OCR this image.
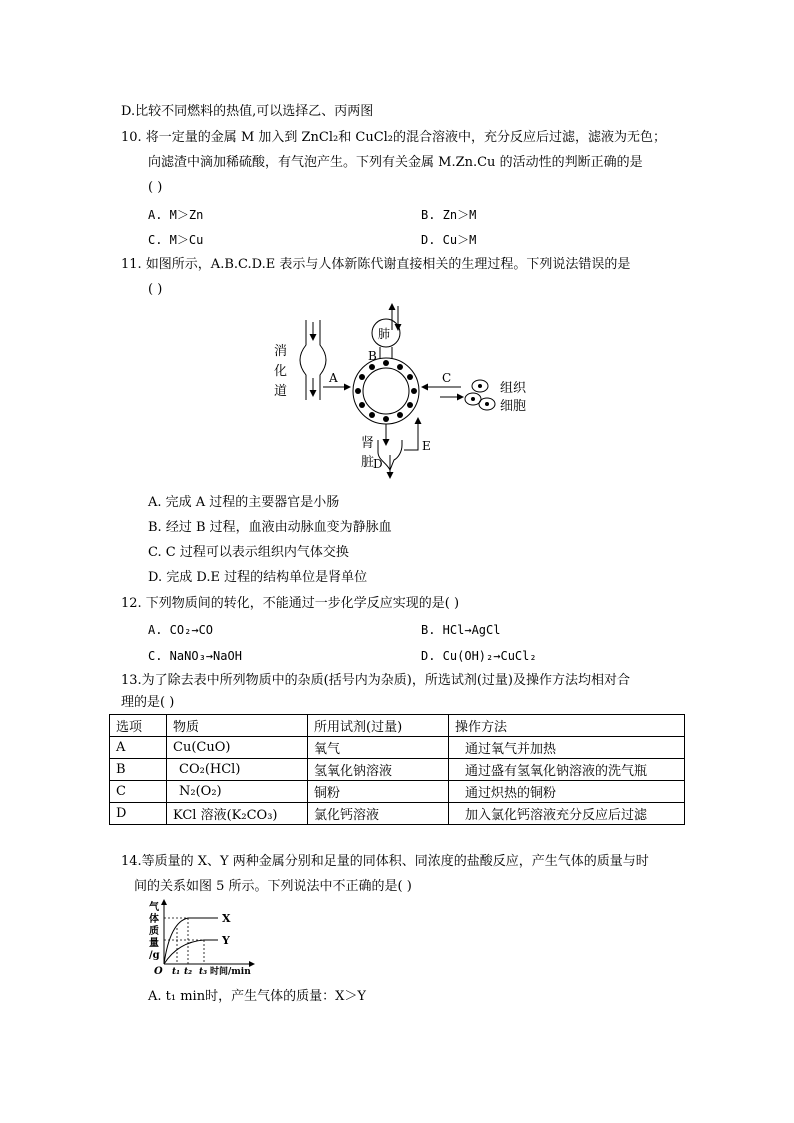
D.比较不同燃料的热值,可以选择乙、丙两图
10. 将一定量的金属 M 加入到 ZnCl₂和 CuCl₂的混合溶液中，充分反应后过滤，滤液为无色；
向滤渣中滴加稀硫酸，有气泡产生。下列有关金属 M.Zn.Cu 的活动性的判断正确的是
( )
A. M＞Zn	B. Zn＞M
C. M＞Cu	D. Cu＞M
11. 如图所示，A.B.C.D.E 表示与人体新陈代谢直接相关的生理过程。下列说法错误的是
( )
消
化
道
A
肺
B
C
组织
细胞
肾
脏
D
E
A. 完成 A 过程的主要器官是小肠
B. 经过 B 过程，血液由动脉血变为静脉血
C. C 过程可以表示组织内气体交换
D. 完成 D.E 过程的结构单位是肾单位
12. 下列物质间的转化，不能通过一步化学反应实现的是( )
A. CO₂→CO	B. HCl→AgCl
C. NaNO₃→NaOH	D. Cu(OH)₂→CuCl₂
13.为了除去表中所列物质中的杂质(括号内为杂质)，所选试剂(过量)及操作方法均相对合
理的是( )
选项	物质	所用试剂(过量)	操作方法
A	Cu(CuO)	氧气	通过氧气并加热
B	CO₂(HCl)	氢氧化钠溶液	通过盛有氢氧化钠溶液的洗气瓶
C	N₂(O₂)	铜粉	通过炽热的铜粉
D	KCl 溶液(K₂CO₃)	氯化钙溶液	加入氯化钙溶液充分反应后过滤
14.等质量的 X、Y 两种金属分别和足量的同体积、同浓度的盐酸反应，产生气体的质量与时
间的关系如图 5 所示。下列说法中不正确的是( )
气
体
质
量
/g
O
X
Y
t₁ t₂ t₃ 时间/min
A. t₁ min时，产生气体的质量：X＞Y
